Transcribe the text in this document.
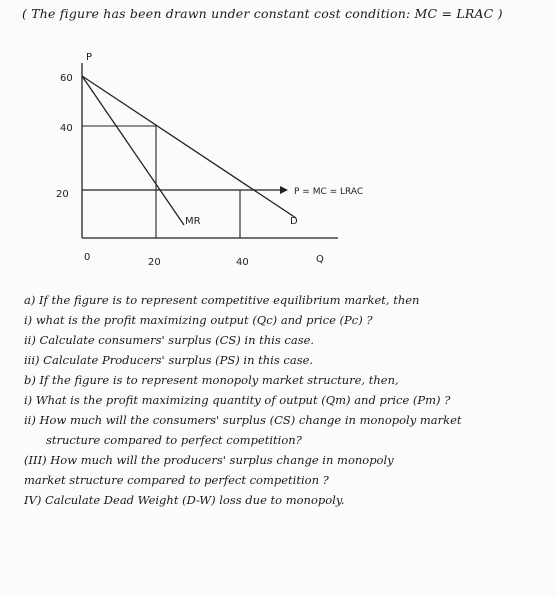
( The figure has been drawn under constant cost condition: MC = LRAC )
P
Q
60
40
20
0	20	40
MR	D
P = MC = LRAC

a) If the figure is to represent competitive equilibrium market, then

i) what is the profit maximizing output (Qc) and price (Pc) ?

ii) Calculate consumers' surplus (CS) in this case.

iii) Calculate Producers' surplus (PS) in this case.

b) If the figure is to represent monopoly market structure, then,

i) What is the profit maximizing quantity of output (Qm) and price (Pm) ?

ii) How much will the consumers' surplus (CS) change in monopoly market

structure compared to perfect competition?

(III) How much will the producers' surplus change in monopoly

market structure compared to perfect competition ?

IV) Calculate Dead Weight (D-W) loss due to monopoly.
